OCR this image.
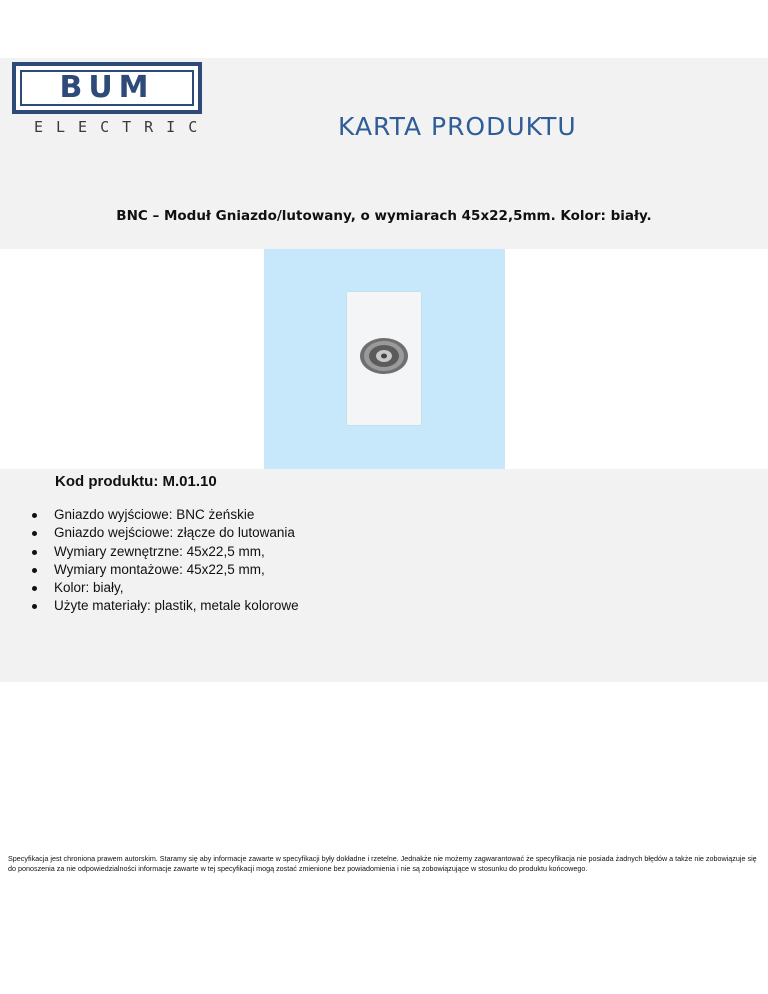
BUM
ELECTRIC	KARTA PRODUKTU
BNC – Moduł Gniazdo/lutowany, o wymiarach 45x22,5mm. Kolor: biały.
Kod produktu: M.01.10
Gniazdo wyjściowe: BNC żeńskie
Gniazdo wejściowe: złącze do lutowania
Wymiary zewnętrzne: 45x22,5 mm,
Wymiary montażowe: 45x22,5 mm,
Kolor: biały,
Użyte materiały: plastik, metale kolorowe
Specyfikacja jest chroniona prawem autorskim. Staramy się aby informacje zawarte w specyfikacji były dokładne i rzetelne. Jednakże nie możemy zagwarantować że specyfikacja nie posiada żadnych błędów a także nie zobowiązuje się do ponoszenia za nie odpowiedzialności informacje zawarte w tej specyfikacji mogą zostać zmienione bez powiadomienia i nie są zobowiązujące w stosunku do produktu końcowego.
